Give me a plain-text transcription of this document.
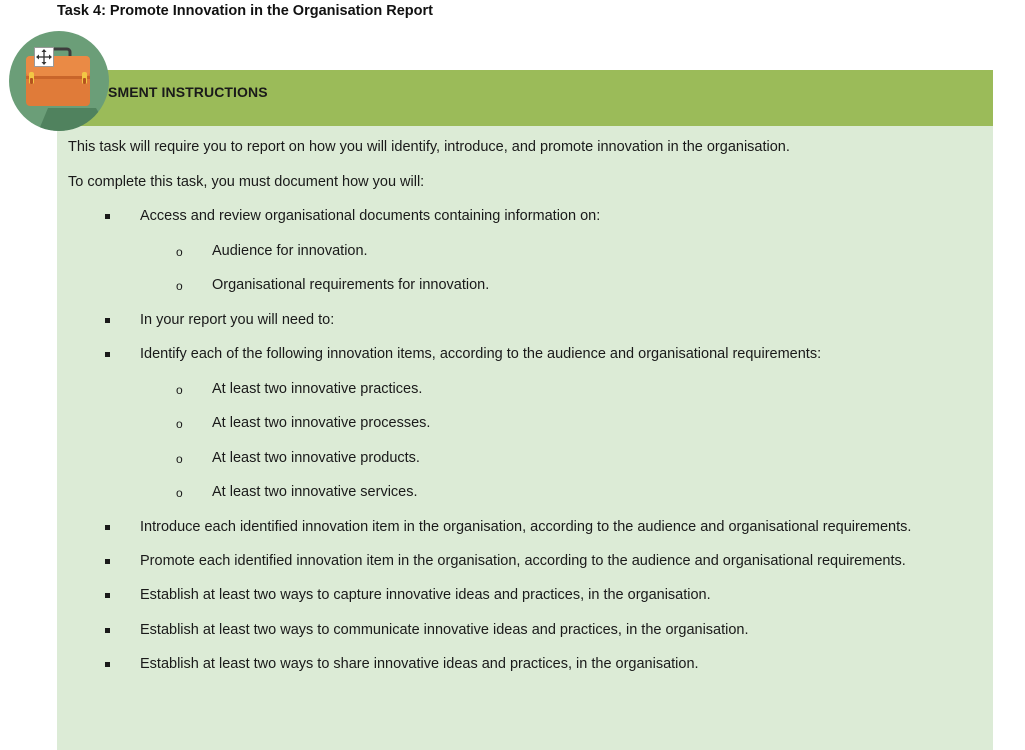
Task 4: Promote Innovation in the Organisation Report
SMENT INSTRUCTIONS
This task will require you to report on how you will identify, introduce, and promote innovation in the organisation.
To complete this task, you must document how you will:
Access and review organisational documents containing information on:
o Audience for innovation.
o Organisational requirements for innovation.
In your report you will need to:
Identify each of the following innovation items, according to the audience and organisational requirements:
o At least two innovative practices.
o At least two innovative processes.
o At least two innovative products.
o At least two innovative services.
Introduce each identified innovation item in the organisation, according to the audience and organisational requirements.
Promote each identified innovation item in the organisation, according to the audience and organisational requirements.
Establish at least two ways to capture innovative ideas and practices, in the organisation.
Establish at least two ways to communicate innovative ideas and practices, in the organisation.
Establish at least two ways to share innovative ideas and practices, in the organisation.
